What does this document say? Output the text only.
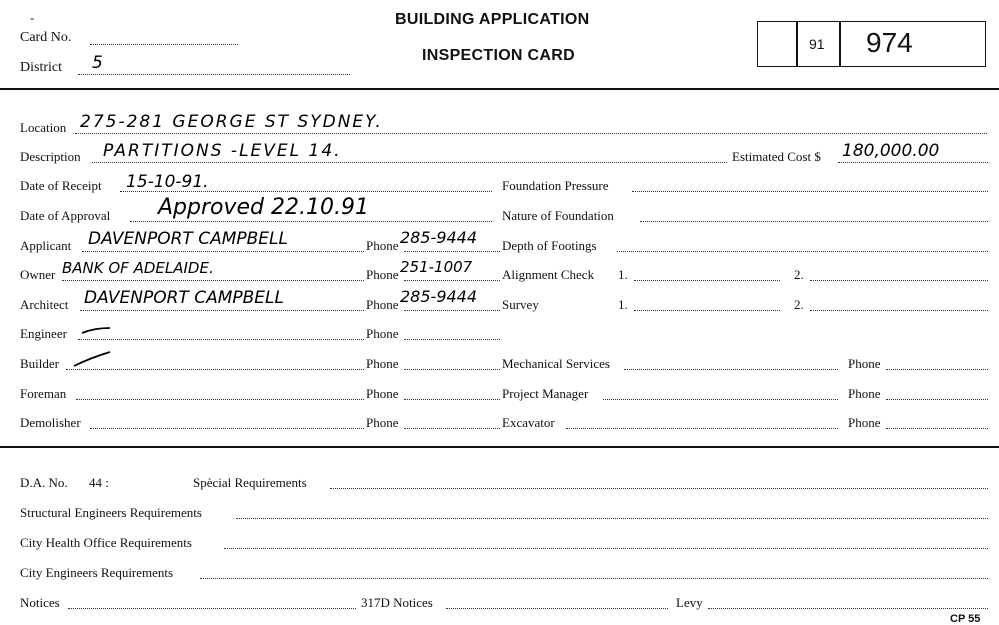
-
Card No.
District 5
BUILDING APPLICATION
INSPECTION CARD
91 974
Location 275-281 GEORGE ST SYDNEY.
Description PARTITIONS -LEVEL 14.	Estimated Cost $ 180,000.00
Date of Receipt 15-10-91.	Foundation Pressure
Date of Approval Approved 22.10.91	Nature of Foundation
Applicant DAVENPORT CAMPBELL	Phone 285-9444 Depth of Footings
Owner BANK OF ADELAIDE.	Phone 251-1007 Alignment Check 1.	2.
Architect DAVENPORT CAMPBELL	Phone 285-9444 Survey	1.	2.
Engineer	Phone
Builder	Phone	Mechanical Services	Phone
Foreman	Phone	Project Manager	Phone
Demolisher	Phone	Excavator	Phone
D.A. No. 44 :	Spècial Requirements
Structural Engineers Requirements
City Health Office Requirements
City Engineers Requirements
Notices	317D Notices	Levy
CP 55
